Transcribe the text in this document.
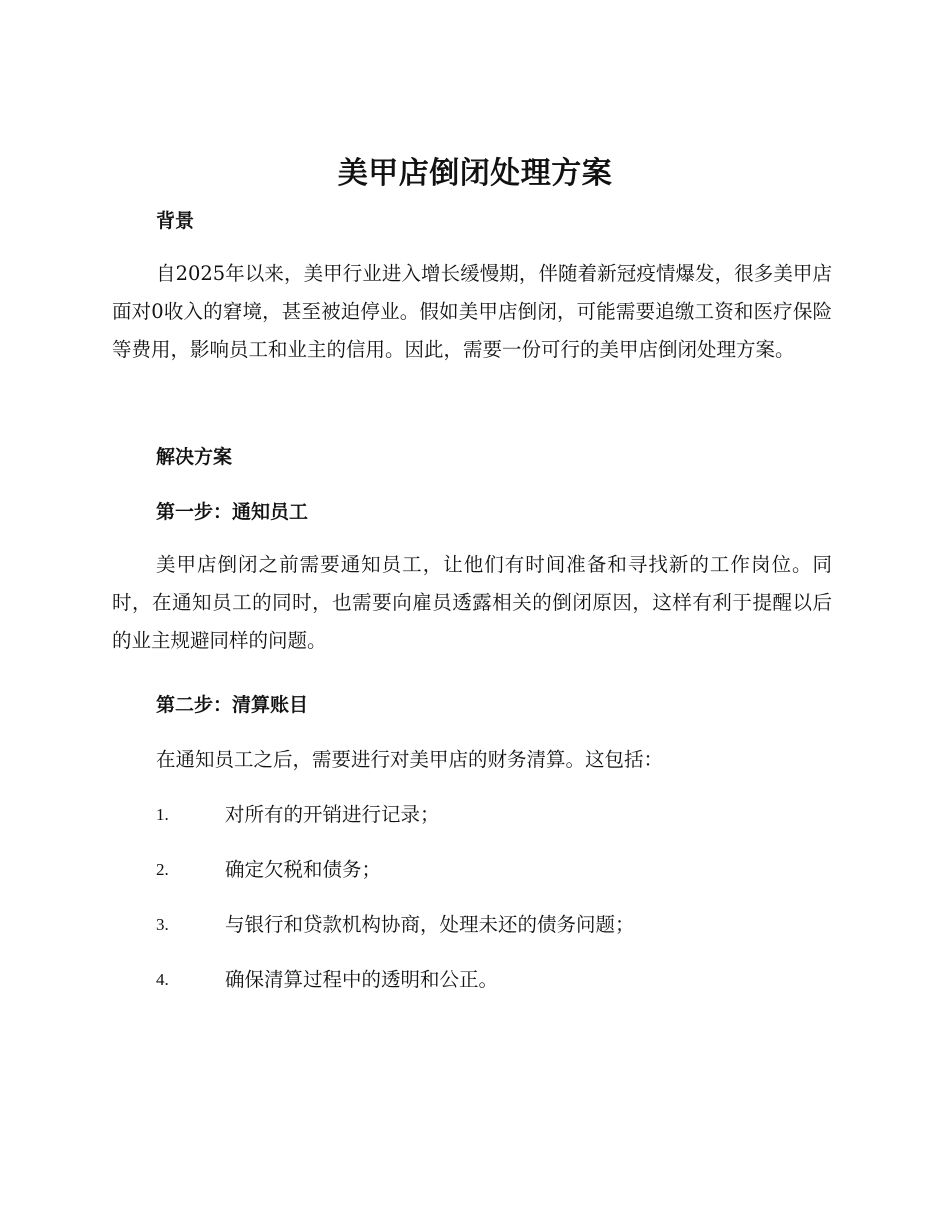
美甲店倒闭处理方案
背景

自2025年以来，美甲行业进入增长缓慢期，伴随着新冠疫情爆发，很多美甲店面对0收入的窘境，甚至被迫停业。假如美甲店倒闭，可能需要追缴工资和医疗保险等费用，影响员工和业主的信用。因此，需要一份可行的美甲店倒闭处理方案。

解决方案
第一步：通知员工

美甲店倒闭之前需要通知员工，让他们有时间准备和寻找新的工作岗位。同时，在通知员工的同时，也需要向雇员透露相关的倒闭原因，这样有利于提醒以后的业主规避同样的问题。

第二步：清算账目

在通知员工之后，需要进行对美甲店的财务清算。这包括：

1.	对所有的开销进行记录；
2.	确定欠税和债务；
3.	与银行和贷款机构协商，处理未还的债务问题；
4.	确保清算过程中的透明和公正。
